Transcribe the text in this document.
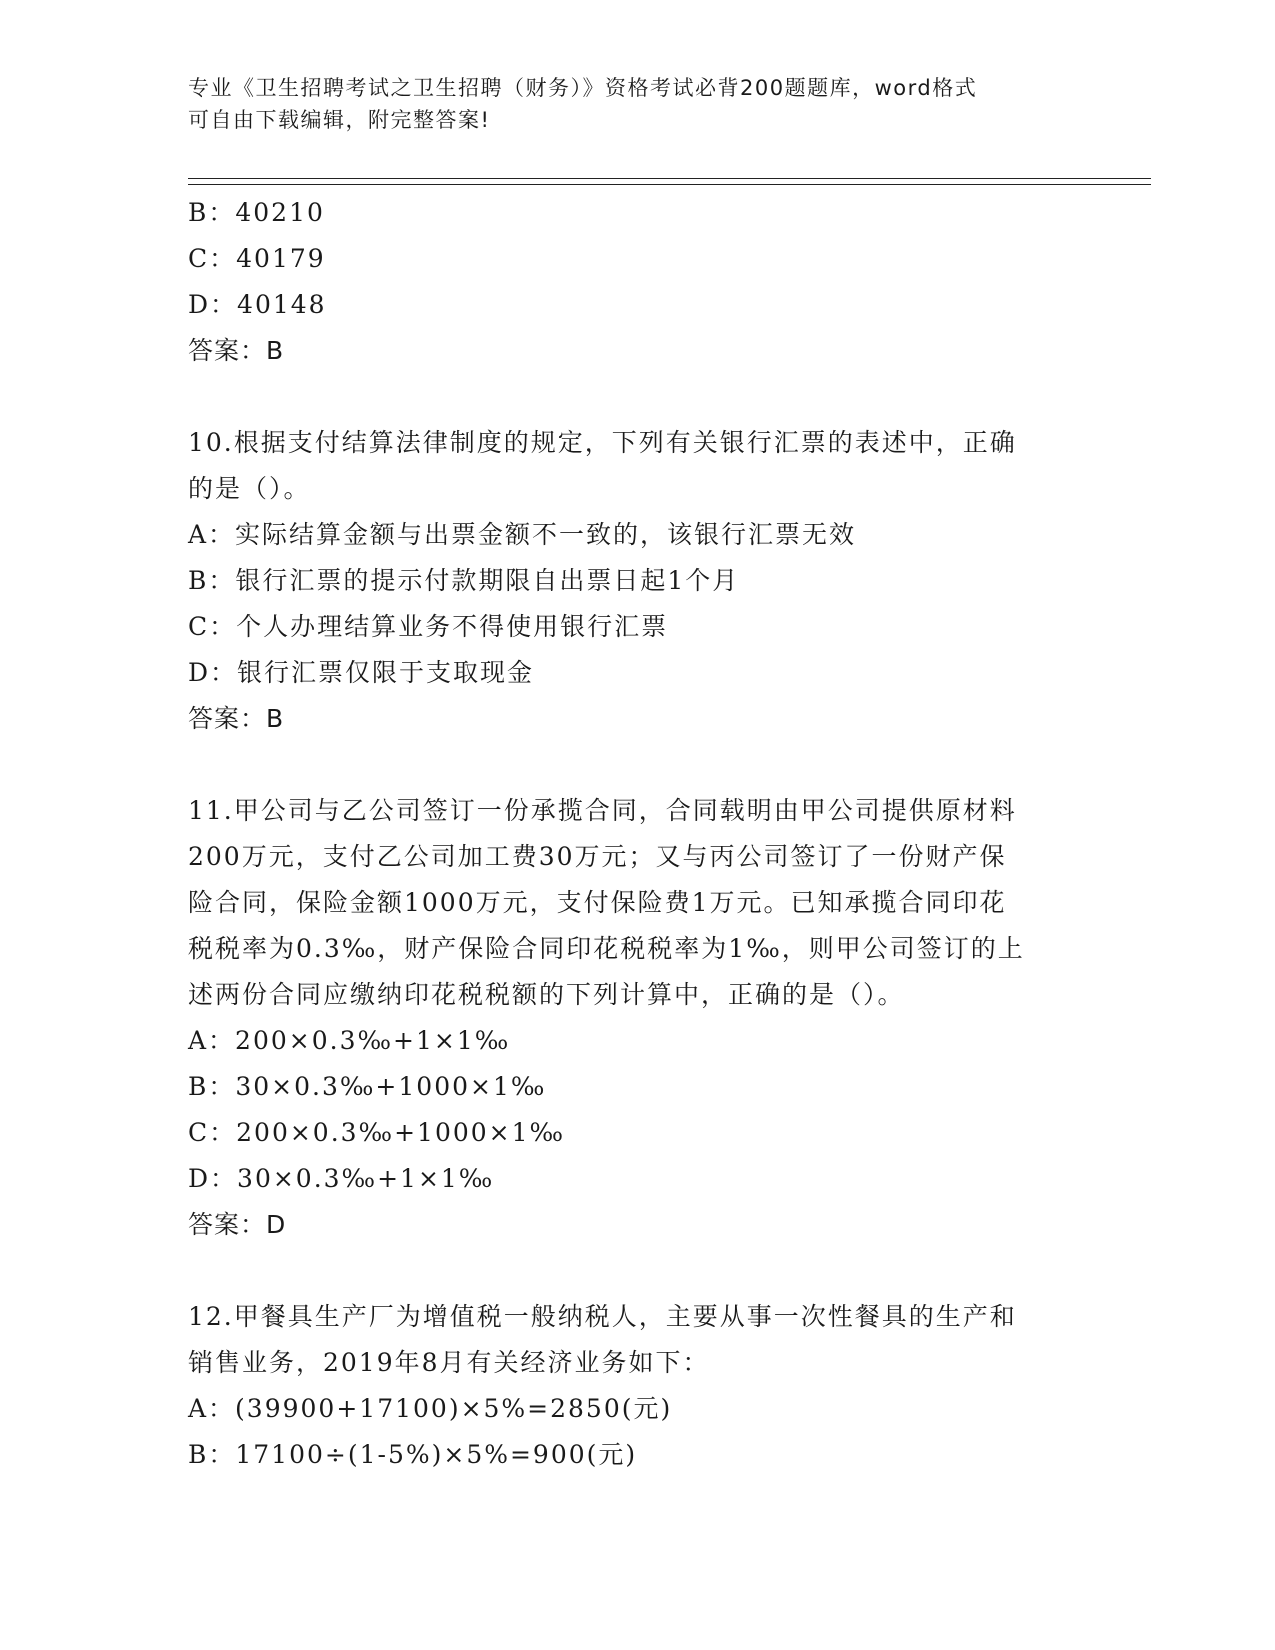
专业《卫生招聘考试之卫生招聘（财务）》资格考试必背200题题库，word格式
可自由下载编辑，附完整答案!
B：40210
C：40179
D：40148
答案：B
10.根据支付结算法律制度的规定，下列有关银行汇票的表述中，正确
的是（）。
A：实际结算金额与出票金额不一致的，该银行汇票无效
B：银行汇票的提示付款期限自出票日起1个月
C：个人办理结算业务不得使用银行汇票
D：银行汇票仅限于支取现金
答案：B
11.甲公司与乙公司签订一份承揽合同，合同载明由甲公司提供原材料
200万元，支付乙公司加工费30万元；又与丙公司签订了一份财产保
险合同，保险金额1000万元，支付保险费1万元。已知承揽合同印花
税税率为0.3‰，财产保险合同印花税税率为1‰，则甲公司签订的上
述两份合同应缴纳印花税税额的下列计算中，正确的是（）。
A：200×0.3‰+1×1‰
B：30×0.3‰+1000×1‰
C：200×0.3‰+1000×1‰
D：30×0.3‰+1×1‰
答案：D
12.甲餐具生产厂为增值税一般纳税人，主要从事一次性餐具的生产和
销售业务，2019年8月有关经济业务如下：
A：(39900+17100)×5%=2850(元)
B：17100÷(1-5%)×5%=900(元)
